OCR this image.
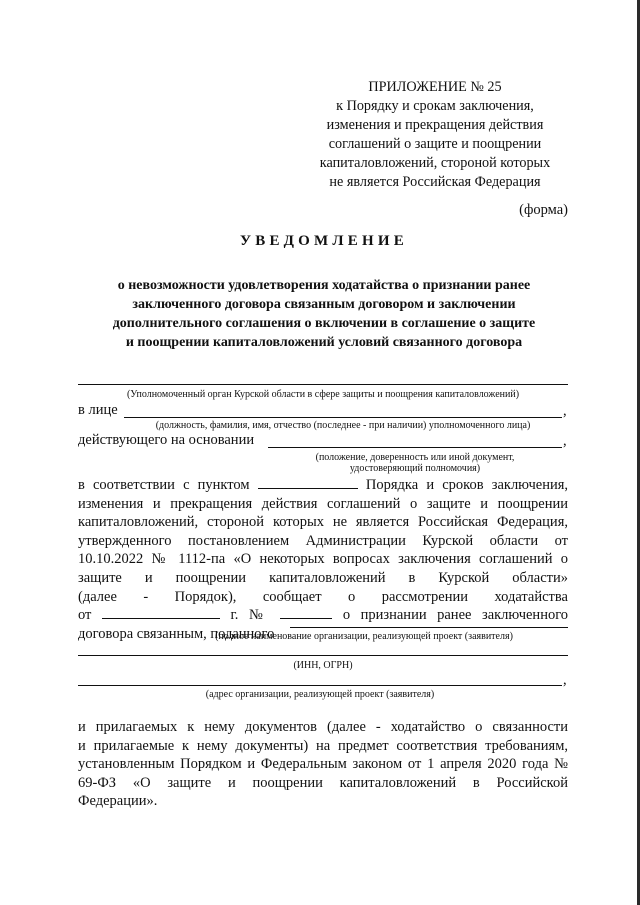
ПРИЛОЖЕНИЕ № 25
к Порядку и срокам заключения,
изменения и прекращения действия
соглашений о защите и поощрении
капиталовложений, стороной которых
не является Российская Федерация
(форма)
УВЕДОМЛЕНИЕ
о невозможности удовлетворения ходатайства о признании ранее
заключенного договора связанным договором и заключении
дополнительного соглашения о включении в соглашение о защите
и поощрении капиталовложений условий связанного договора
(Уполномоченный орган Курской области в сфере защиты и поощрения капиталовложений)
в лице	,
(должность, фамилия, имя, отчество (последнее - при наличии) уполномоченного лица)
действующего на основании	,
(положение, доверенность или иной документ,
удостоверяющий полномочия)
в соответствии с пунктом	Порядка и сроков заключения,
изменения и прекращения действия соглашений о защите и поощрении
капиталовложений, стороной которых не является Российская Федерация,
утвержденного постановлением Администрации Курской области от
10.10.2022 № 1112-па «О некоторых вопросах заключения соглашений о
защите и поощрении капиталовложений в Курской области»
(далее - Порядок), сообщает о рассмотрении ходатайства
от	г. №	о признании ранее заключенного
договора связанным, поданного
(полное наименование организации, реализующей проект (заявителя)
(ИНН, ОГРН)
,
(адрес организации, реализующей проект (заявителя)
и прилагаемых к нему документов (далее - ходатайство о связанности
и прилагаемые к нему документы) на предмет соответствия требованиям,
установленным Порядком и Федеральным законом от 1 апреля 2020 года №
69-ФЗ «О защите и поощрении капиталовложений в Российской
Федерации».
